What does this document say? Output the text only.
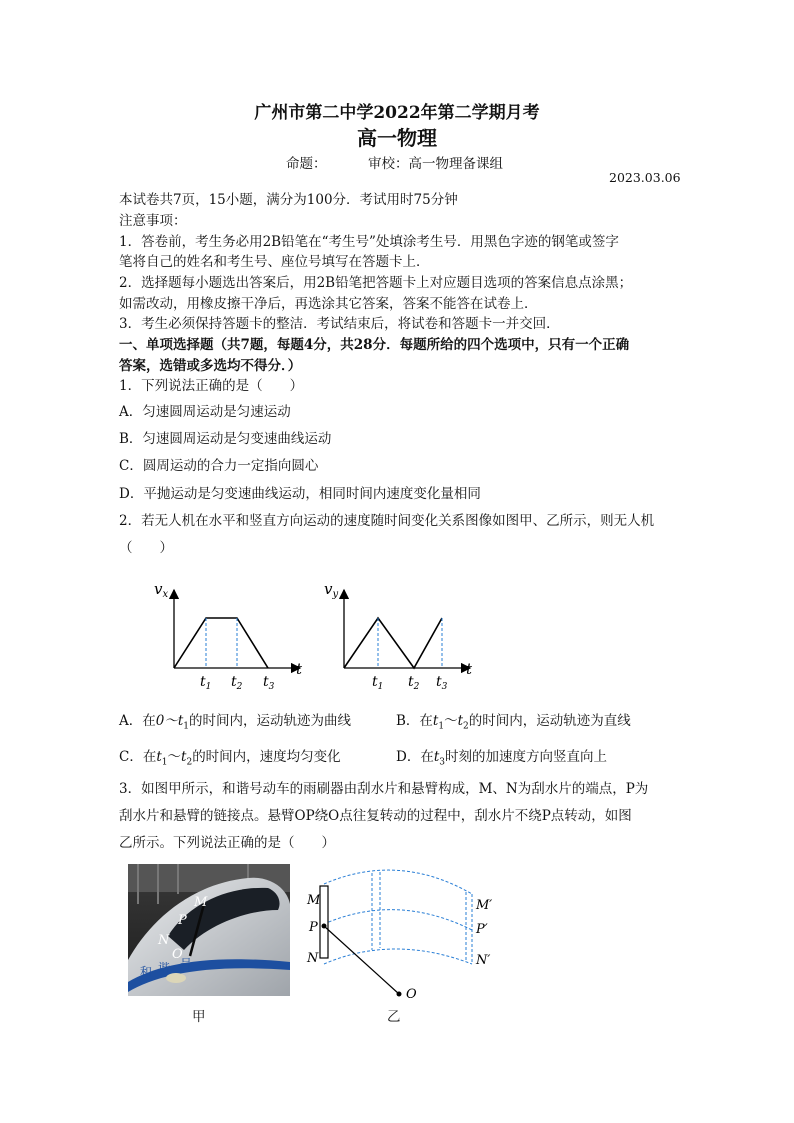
广州市第二中学2022年第二学期月考
高一物理
命题：	审校：高一物理备课组
2023.03.06
本试卷共7页，15小题，满分为100分．考试用时75分钟
注意事项：
1．答卷前，考生务必用2B铅笔在“考生号”处填涂考生号．用黑色字迹的钢笔或签字
笔将自己的姓名和考生号、座位号填写在答题卡上．
2．选择题每小题选出答案后，用2B铅笔把答题卡上对应题目选项的答案信息点涂黑；
如需改动，用橡皮擦干净后，再选涂其它答案，答案不能答在试卷上．
3．考生必须保持答题卡的整洁．考试结束后，将试卷和答题卡一并交回．
一、单项选择题（共7题，每题4分，共28分．每题所给的四个选项中，只有一个正确
答案，选错或多选均不得分．）
1．下列说法正确的是（　　）
A．匀速圆周运动是匀速运动
B．匀速圆周运动是匀变速曲线运动
C．圆周运动的合力一定指向圆心
D．平抛运动是匀变速曲线运动，相同时间内速度变化量相同
2．若无人机在水平和竖直方向运动的速度随时间变化关系图像如图甲、乙所示，则无人机
（　　）
$v_x$
t
$t_1$ $t_2$ $t_3$
$v_y$
t
$t_1$ $t_2$ $t_3$
A．在$0\sim t_1$的时间内，运动轨迹为曲线	B．在$t_1\sim t_2$的时间内，运动轨迹为直线
C．在$t_1\sim t_2$的时间内，速度均匀变化	D．在$t_3$时刻的加速度方向竖直向上
3．如图甲所示，和谐号动车的雨刷器由刮水片和悬臂构成，M、N为刮水片的端点，P为
刮水片和悬臂的链接点。悬臂OP绕O点往复转动的过程中，刮水片不绕P点转动，如图
乙所示。下列说法正确的是（　　）
M
P
N
O
和 谐 号
甲
M
P
N
M′
P′
N′
O
乙
